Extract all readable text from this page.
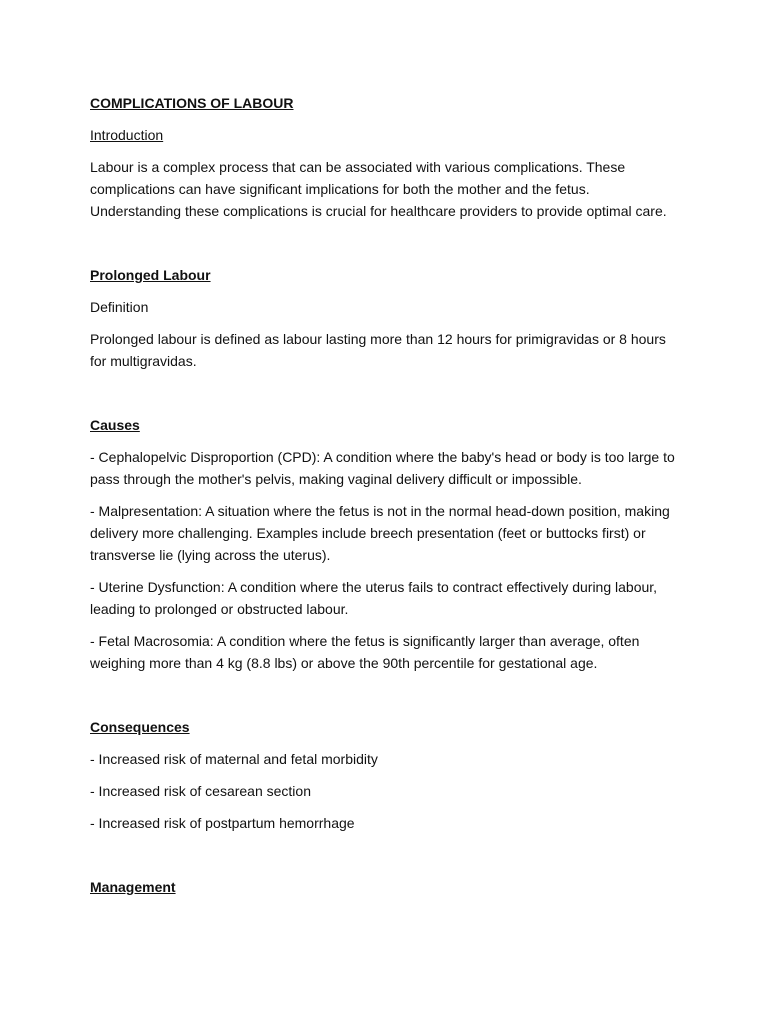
COMPLICATIONS OF LABOUR

Introduction

Labour is a complex process that can be associated with various complications. These complications can have significant implications for both the mother and the fetus. Understanding these complications is crucial for healthcare providers to provide optimal care.

Prolonged Labour

Definition

Prolonged labour is defined as labour lasting more than 12 hours for primigravidas or 8 hours for multigravidas.

Causes

- Cephalopelvic Disproportion (CPD): A condition where the baby's head or body is too large to pass through the mother's pelvis, making vaginal delivery difficult or impossible.

- Malpresentation: A situation where the fetus is not in the normal head-down position, making delivery more challenging. Examples include breech presentation (feet or buttocks first) or transverse lie (lying across the uterus).

- Uterine Dysfunction: A condition where the uterus fails to contract effectively during labour, leading to prolonged or obstructed labour.

- Fetal Macrosomia: A condition where the fetus is significantly larger than average, often weighing more than 4 kg (8.8 lbs) or above the 90th percentile for gestational age.

Consequences

- Increased risk of maternal and fetal morbidity

- Increased risk of cesarean section

- Increased risk of postpartum hemorrhage

Management
